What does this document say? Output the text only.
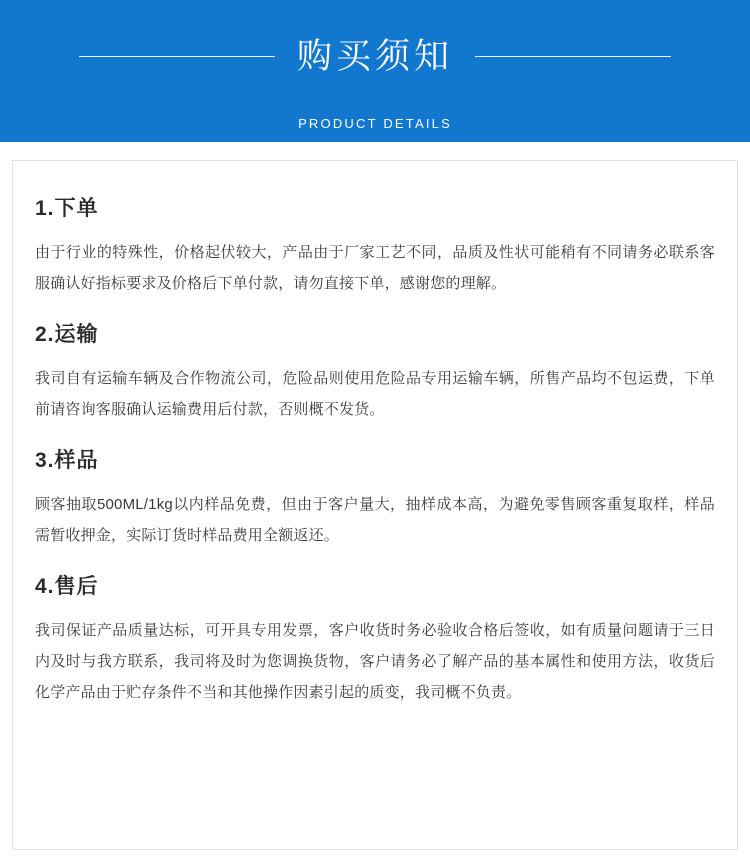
购买须知
PRODUCT DETAILS
1.下单

由于行业的特殊性，价格起伏较大，产品由于厂家工艺不同，品质及性状可能稍有不同请务必联系客服确认好指标要求及价格后下单付款，请勿直接下单，感谢您的理解。

2.运输

我司自有运输车辆及合作物流公司，危险品则使用危险品专用运输车辆，所售产品均不包运费，下单前请咨询客服确认运输费用后付款，否则概不发货。

3.样品

顾客抽取500ML/1kg以内样品免费，但由于客户量大，抽样成本高，为避免零售顾客重复取样，样品需暂收押金，实际订货时样品费用全额返还。

4.售后

我司保证产品质量达标，可开具专用发票，客户收货时务必验收合格后签收，如有质量问题请于三日内及时与我方联系，我司将及时为您调换货物，客户请务必了解产品的基本属性和使用方法，收货后化学产品由于贮存条件不当和其他操作因素引起的质变，我司概不负责。
